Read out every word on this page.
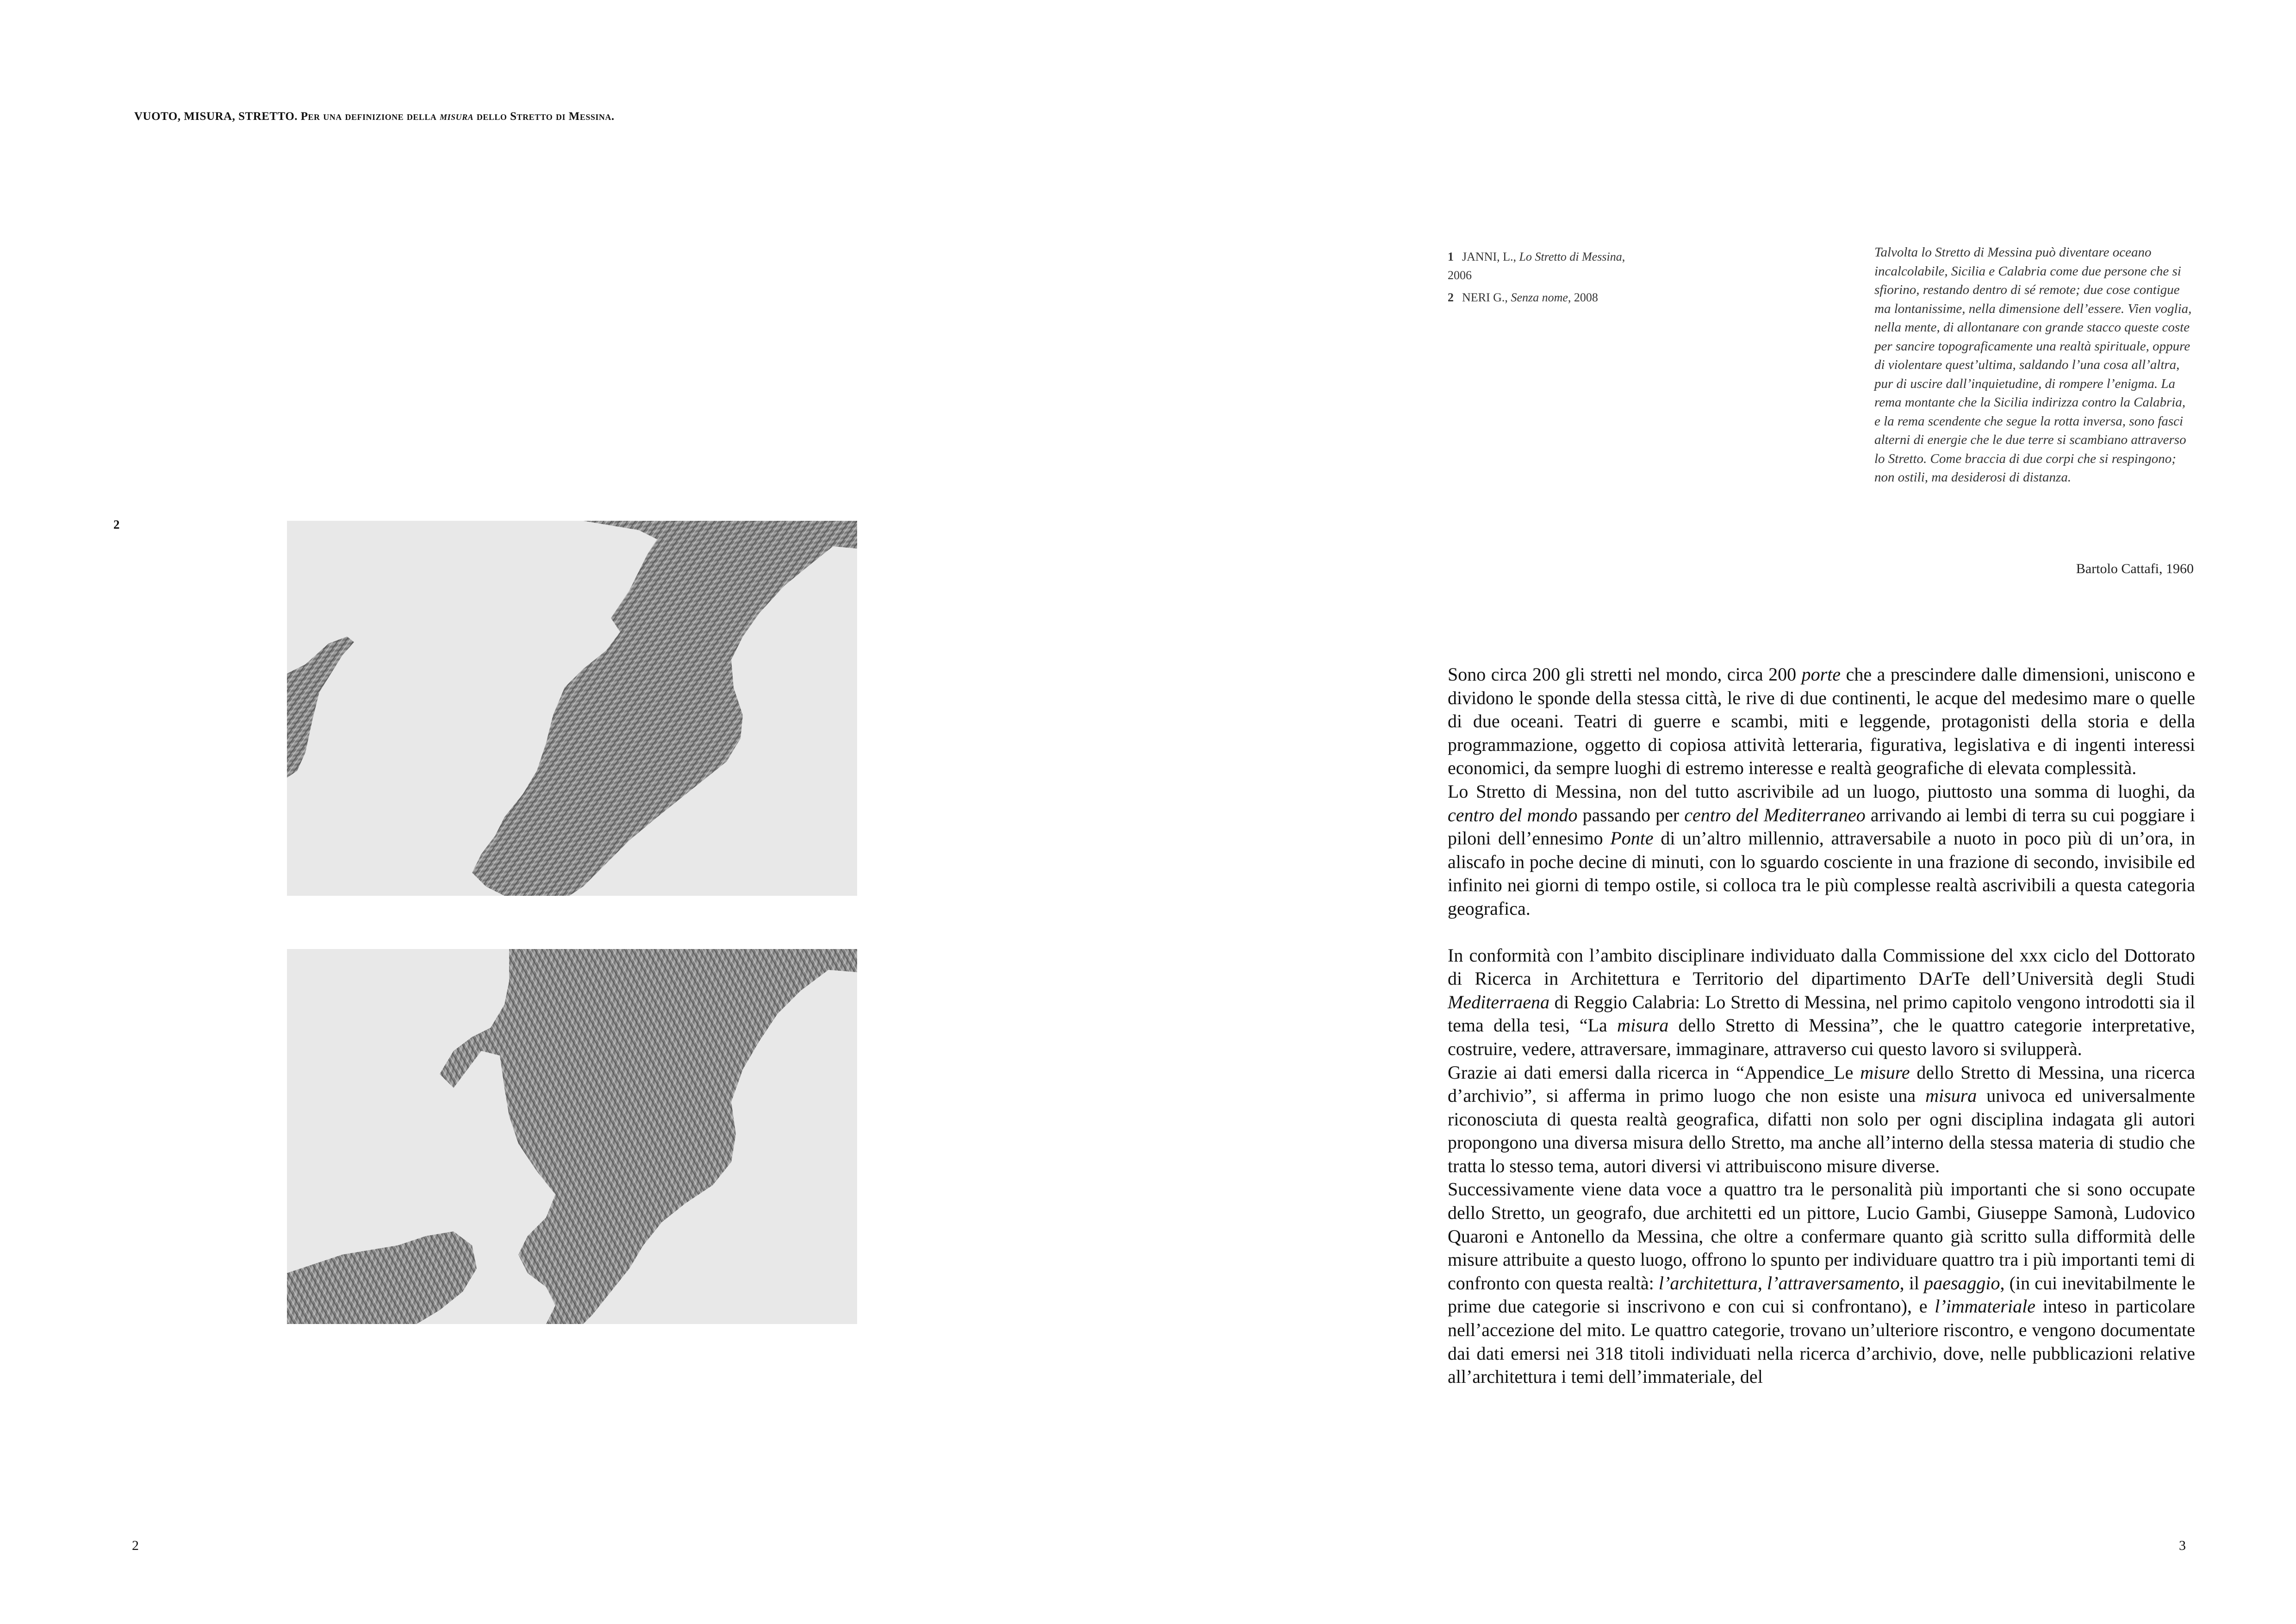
VUOTO, MISURA, STRETTO. Per una definizione della misura dello Stretto di Messina.
2
1 JANNI, L., Lo Stretto di Messina, 2006
2 NERI G., Senza nome, 2008
Talvolta lo Stretto di Messina può diventare oceano incalcolabile, Sicilia e Calabria come due persone che si sfiorino, restando dentro di sé remote; due cose contigue ma lontanissime, nella dimensione dell’essere. Vien voglia, nella mente, di allontanare con grande stacco queste coste per sancire topograficamente una realtà spirituale, oppure di violentare quest’ultima, saldando l’una cosa all’altra, pur di uscire dall’inquietudine, di rompere l’enigma. La rema montante che la Sicilia indirizza contro la Calabria, e la rema scendente che segue la rotta inversa, sono fasci alterni di energie che le due terre si scambiano attraverso lo Stretto. Come braccia di due corpi che si respingono; non ostili, ma desiderosi di distanza.
Bartolo Cattafi, 1960

Sono circa 200 gli stretti nel mondo, circa 200 porte che a prescindere dalle dimensioni, uniscono e dividono le sponde della stessa città, le rive di due continenti, le acque del medesimo mare o quelle di due oceani. Teatri di guerre e scambi, miti e leggende, protagonisti della storia e della programmazione, oggetto di copiosa attività letteraria, figurativa, legislativa e di ingenti interessi economici, da sempre luoghi di estremo interesse e realtà geografiche di elevata complessità.

Lo Stretto di Messina, non del tutto ascrivibile ad un luogo, piuttosto una somma di luoghi, da centro del mondo passando per centro del Mediterraneo arrivando ai lembi di terra su cui poggiare i piloni dell’ennesimo Ponte di un’altro millennio, attraversabile a nuoto in poco più di un’ora, in aliscafo in poche decine di minuti, con lo sguardo cosciente in una frazione di secondo, invisibile ed infinito nei giorni di tempo ostile, si colloca tra le più complesse realtà ascrivibili a questa categoria geografica.

In conformità con l’ambito disciplinare individuato dalla Commissione del xxx ciclo del Dottorato di Ricerca in Architettura e Territorio del dipartimento DArTe dell’Università degli Studi Mediterraena di Reggio Calabria: Lo Stretto di Messina, nel primo capitolo vengono introdotti sia il tema della tesi, “La misura dello Stretto di Messina”, che le quattro categorie interpretative, costruire, vedere, attraversare, immaginare, attraverso cui questo lavoro si svilupperà.

Grazie ai dati emersi dalla ricerca in “Appendice_Le misure dello Stretto di Messina, una ricerca d’archivio”, si afferma in primo luogo che non esiste una misura univoca ed universalmente riconosciuta di questa realtà geografica, difatti non solo per ogni disciplina indagata gli autori propongono una diversa misura dello Stretto, ma anche all’interno della stessa materia di studio che tratta lo stesso tema, autori diversi vi attribuiscono misure diverse.

Successivamente viene data voce a quattro tra le personalità più importanti che si sono occupate dello Stretto, un geografo, due architetti ed un pittore, Lucio Gambi, Giuseppe Samonà, Ludovico Quaroni e Antonello da Messina, che oltre a confermare quanto già scritto sulla difformità delle misure attribuite a questo luogo, offrono lo spunto per individuare quattro tra i più importanti temi di confronto con questa realtà: l’architettura, l’attraversamento, il paesaggio, (in cui inevitabilmente le prime due categorie si inscrivono e con cui si confrontano), e l’immateriale inteso in particolare nell’accezione del mito. Le quattro categorie, trovano un’ulteriore riscontro, e vengono documentate dai dati emersi nei 318 titoli individuati nella ricerca d’archivio, dove, nelle pubblicazioni relative all’architettura i temi dell’immateriale, del

2	3
